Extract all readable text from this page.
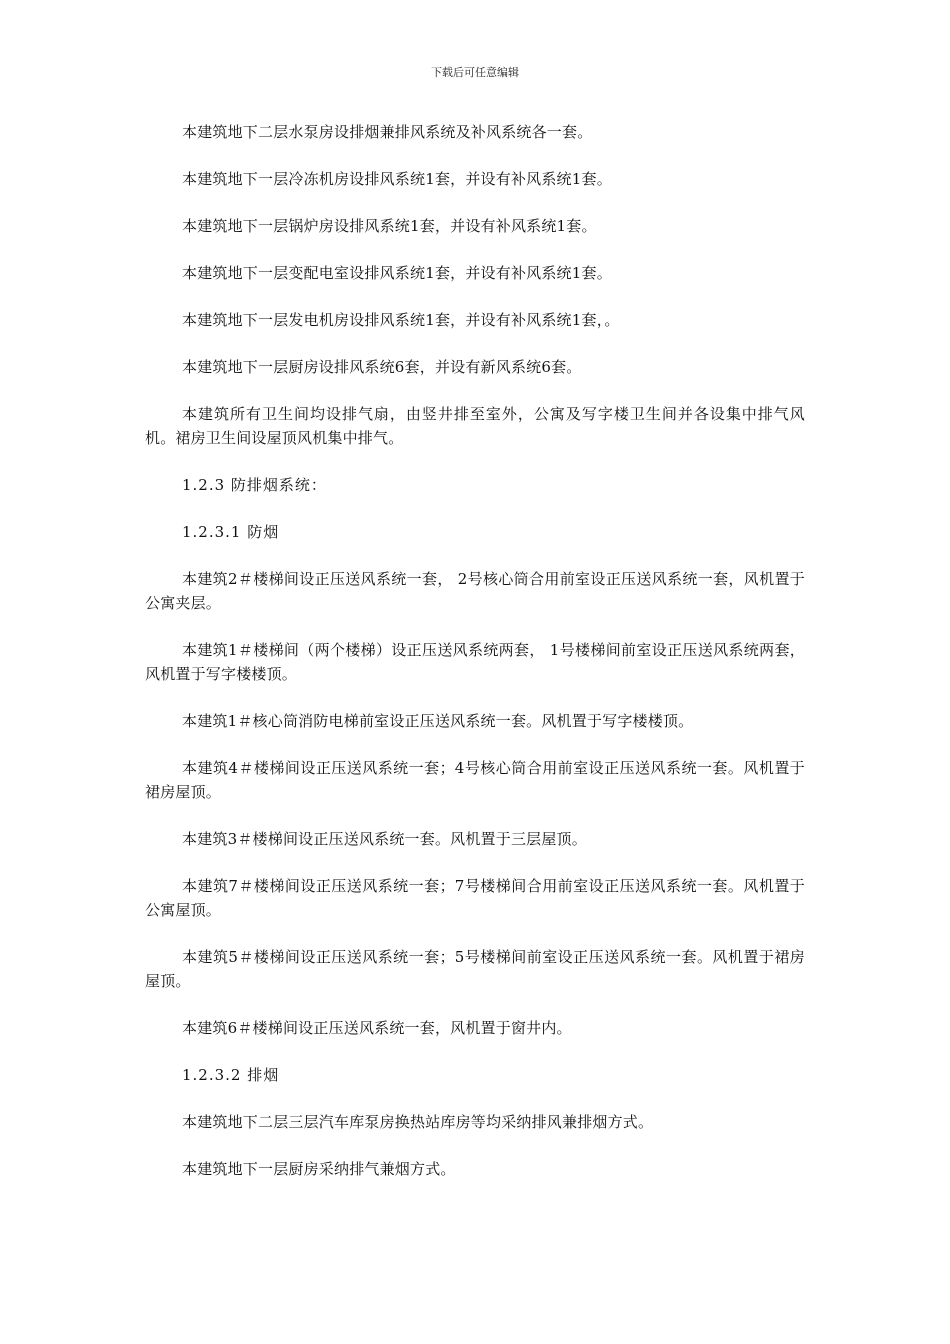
下载后可任意编辑

本建筑地下二层水泵房设排烟兼排风系统及补风系统各一套。

本建筑地下一层冷冻机房设排风系统1套，并设有补风系统1套。

本建筑地下一层锅炉房设排风系统1套，并设有补风系统1套。

本建筑地下一层变配电室设排风系统1套，并设有补风系统1套。

本建筑地下一层发电机房设排风系统1套，并设有补风系统1套，。

本建筑地下一层厨房设排风系统6套，并设有新风系统6套。

本建筑所有卫生间均设排气扇，由竖井排至室外，公寓及写字楼卫生间并各设集中排气风机。裙房卫生间设屋顶风机集中排气。

1.2.3 防排烟系统：

1.2.3.1 防烟

本建筑2＃楼梯间设正压送风系统一套， 2号核心筒合用前室设正压送风系统一套，风机置于公寓夹层。

本建筑1＃楼梯间（两个楼梯）设正压送风系统两套， 1号楼梯间前室设正压送风系统两套，风机置于写字楼楼顶。

本建筑1＃核心筒消防电梯前室设正压送风系统一套。风机置于写字楼楼顶。

本建筑4＃楼梯间设正压送风系统一套；4号核心筒合用前室设正压送风系统一套。风机置于裙房屋顶。

本建筑3＃楼梯间设正压送风系统一套。风机置于三层屋顶。

本建筑7＃楼梯间设正压送风系统一套；7号楼梯间合用前室设正压送风系统一套。风机置于公寓屋顶。

本建筑5＃楼梯间设正压送风系统一套；5号楼梯间前室设正压送风系统一套。风机置于裙房屋顶。

本建筑6＃楼梯间设正压送风系统一套，风机置于窗井内。

1.2.3.2 排烟

本建筑地下二层三层汽车库泵房换热站库房等均采纳排风兼排烟方式。

本建筑地下一层厨房采纳排气兼烟方式。
